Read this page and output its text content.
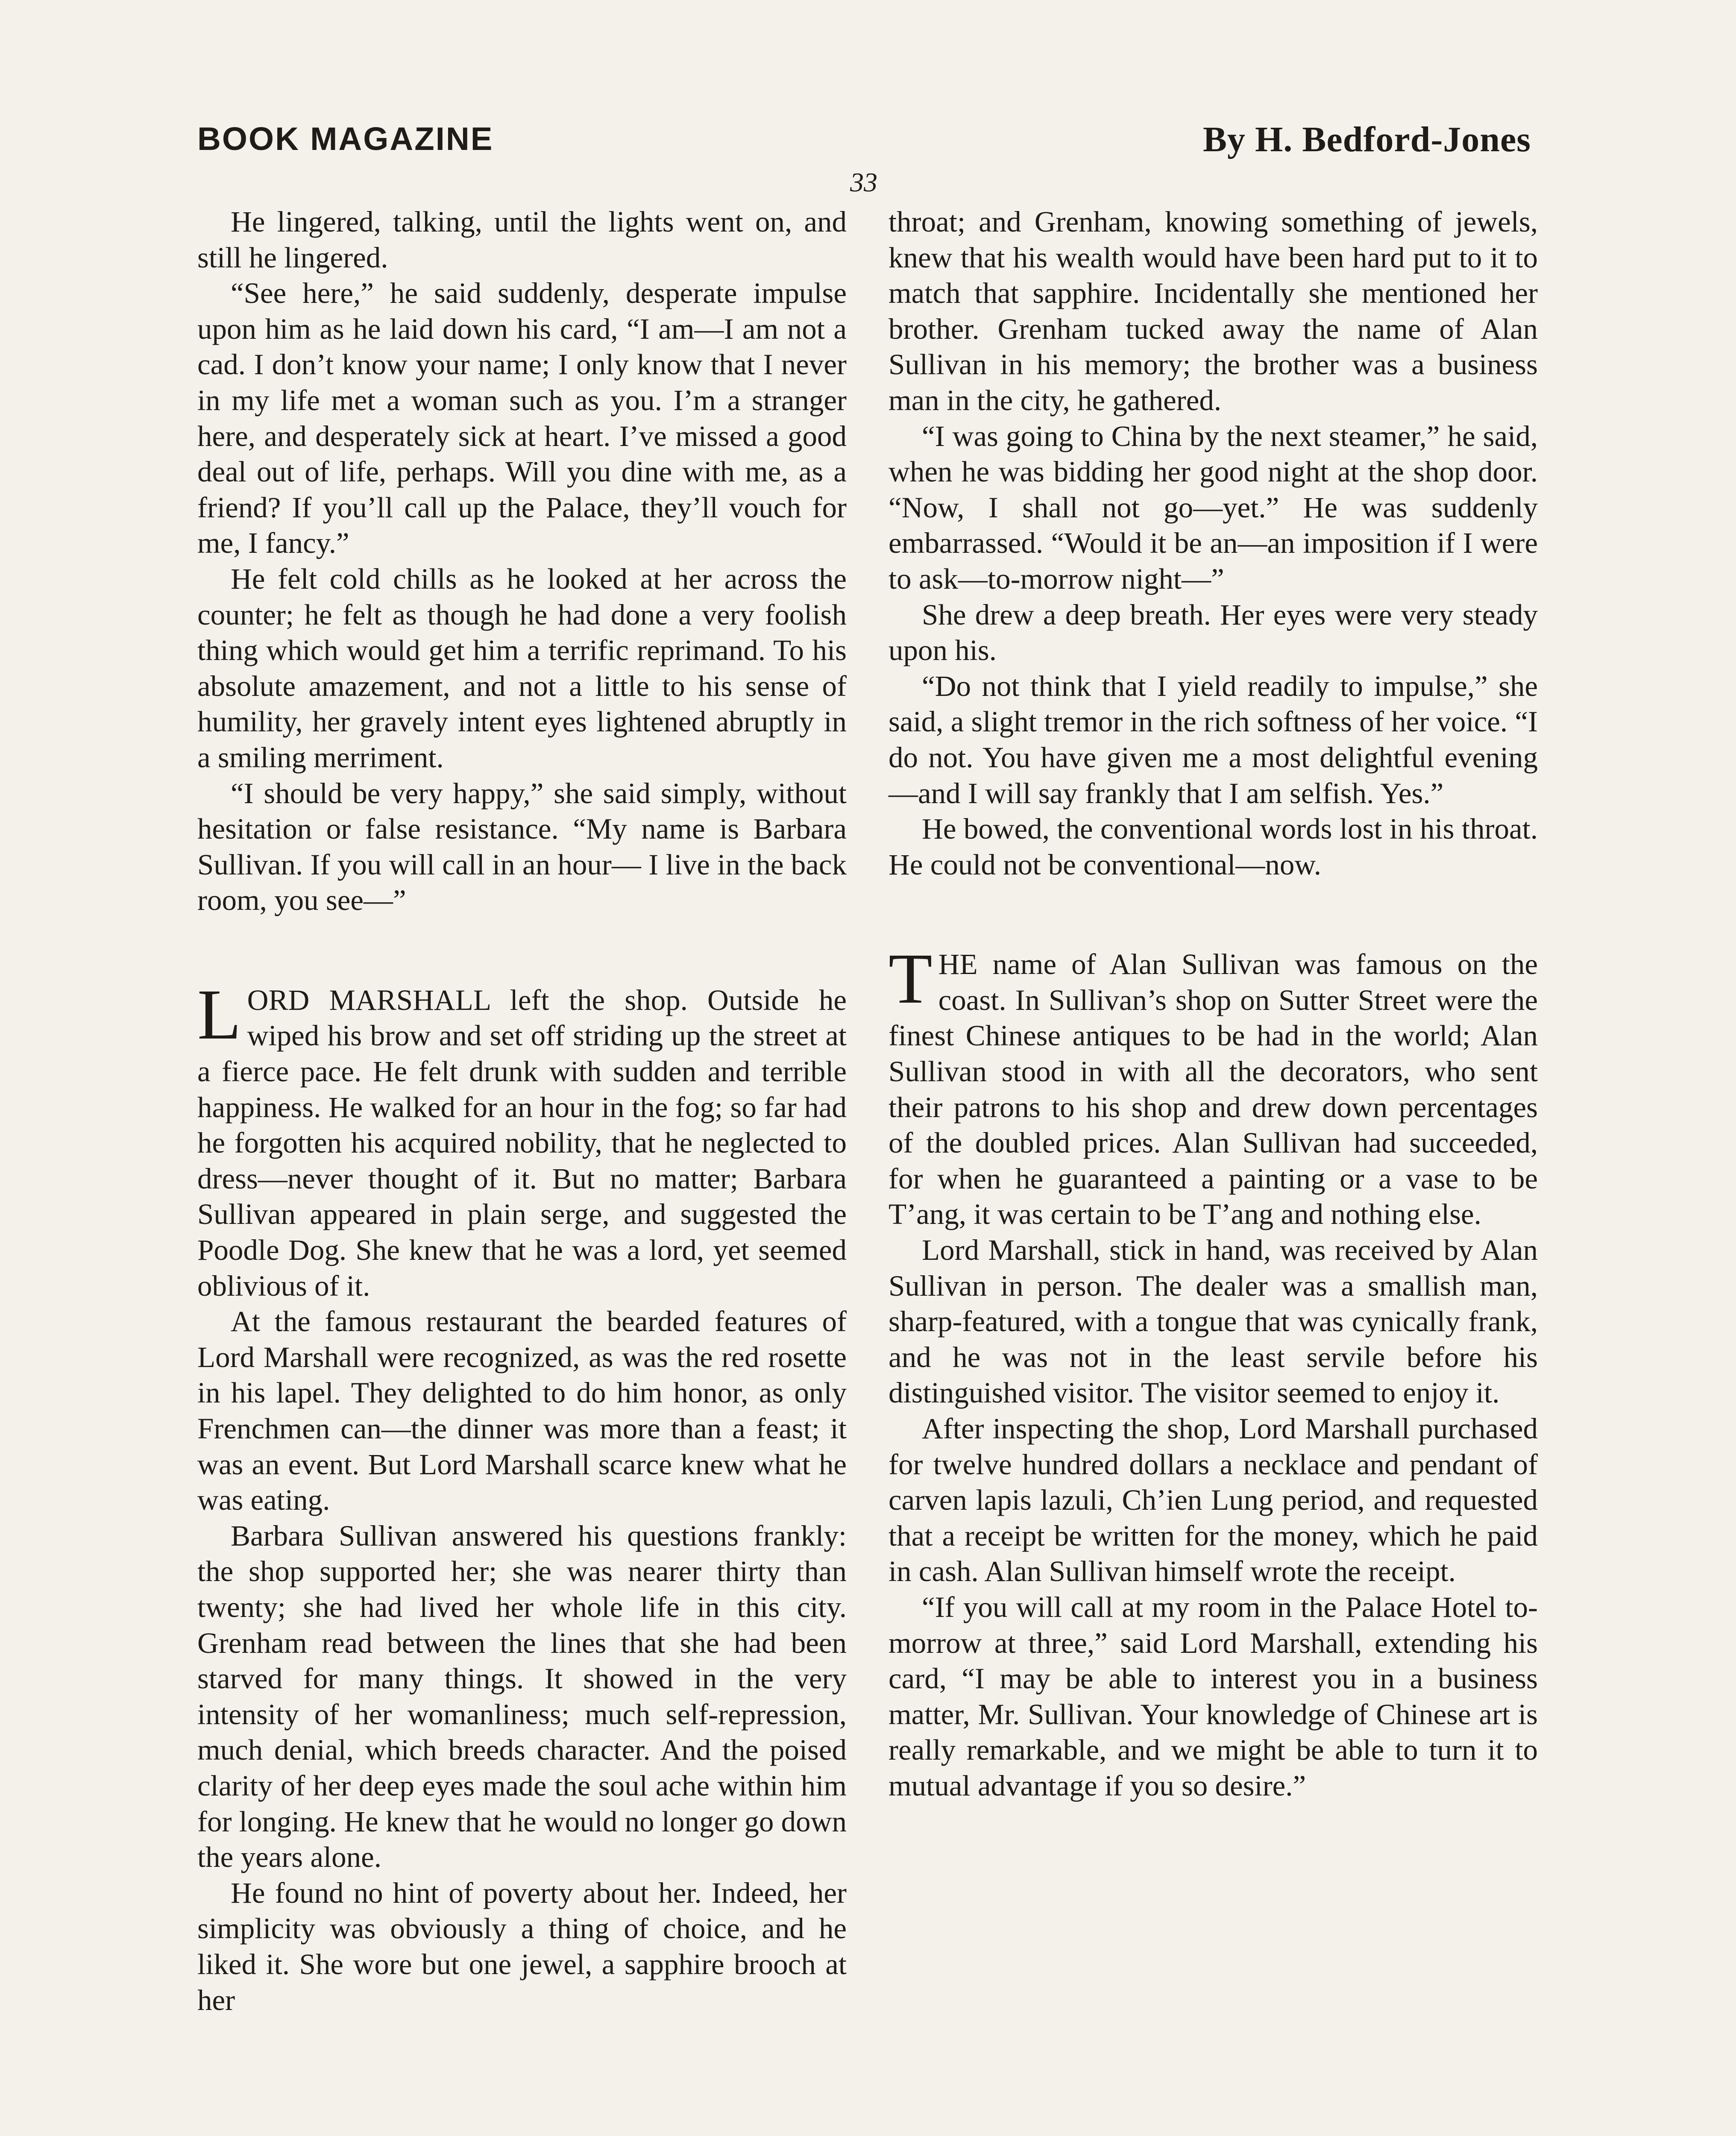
BOOK MAGAZINE	By H. Bedford-Jones
33

He lingered, talking, until the lights went on, and still he lingered.

“See here,” he said suddenly, desperate impulse upon him as he laid down his card, “I am—I am not a cad. I don’t know your name; I only know that I never in my life met a woman such as you. I’m a stranger here, and desperately sick at heart. I’ve missed a good deal out of life, perhaps. Will you dine with me, as a friend? If you’ll call up the Palace, they’ll vouch for me, I fancy.”

He felt cold chills as he looked at her across the counter; he felt as though he had done a very foolish thing which would get him a terrific reprimand. To his absolute amazement, and not a little to his sense of humility, her gravely intent eyes lightened abruptly in a smiling merriment.

“I should be very happy,” she said simply, without hesitation or false resistance. “My name is Barbara Sullivan. If you will call in an hour— I live in the back room, you see—”

LORD MARSHALL left the shop. Outside he wiped his brow and set off striding up the street at a fierce pace. He felt drunk with sudden and terrible happiness. He walked for an hour in the fog; so far had he forgotten his acquired nobility, that he neglected to dress—never thought of it. But no matter; Barbara Sullivan appeared in plain serge, and suggested the Poodle Dog. She knew that he was a lord, yet seemed oblivious of it.

At the famous restaurant the bearded features of Lord Marshall were recognized, as was the red rosette in his lapel. They delighted to do him honor, as only Frenchmen can—the dinner was more than a feast; it was an event. But Lord Marshall scarce knew what he was eating.

Barbara Sullivan answered his questions frankly: the shop supported her; she was nearer thirty than twenty; she had lived her whole life in this city. Grenham read between the lines that she had been starved for many things. It showed in the very intensity of her womanliness; much self-repression, much denial, which breeds character. And the poised clarity of her deep eyes made the soul ache within him for longing. He knew that he would no longer go down the years alone.

He found no hint of poverty about her. Indeed, her simplicity was obviously a thing of choice, and he liked it. She wore but one jewel, a sapphire brooch at her

throat; and Grenham, knowing something of jewels, knew that his wealth would have been hard put to it to match that sapphire. Incidentally she mentioned her brother. Grenham tucked away the name of Alan Sullivan in his memory; the brother was a business man in the city, he gathered.

“I was going to China by the next steamer,” he said, when he was bidding her good night at the shop door. “Now, I shall not go—yet.” He was suddenly embarrassed. “Would it be an—an imposition if I were to ask—to-morrow night—”

She drew a deep breath. Her eyes were very steady upon his.

“Do not think that I yield readily to impulse,” she said, a slight tremor in the rich softness of her voice. “I do not. You have given me a most delightful evening—and I will say frankly that I am selfish. Yes.”

He bowed, the conventional words lost in his throat. He could not be conventional—now.

THE name of Alan Sullivan was famous on the coast. In Sullivan’s shop on Sutter Street were the finest Chinese antiques to be had in the world; Alan Sullivan stood in with all the decorators, who sent their patrons to his shop and drew down percentages of the doubled prices. Alan Sullivan had succeeded, for when he guaranteed a painting or a vase to be T’ang, it was certain to be T’ang and nothing else.

Lord Marshall, stick in hand, was received by Alan Sullivan in person. The dealer was a smallish man, sharp-featured, with a tongue that was cynically frank, and he was not in the least servile before his distinguished visitor. The visitor seemed to enjoy it.

After inspecting the shop, Lord Marshall purchased for twelve hundred dollars a necklace and pendant of carven lapis lazuli, Ch’ien Lung period, and requested that a receipt be written for the money, which he paid in cash. Alan Sullivan himself wrote the receipt.

“If you will call at my room in the Palace Hotel to-morrow at three,” said Lord Marshall, extending his card, “I may be able to interest you in a business matter, Mr. Sullivan. Your knowledge of Chinese art is really remarkable, and we might be able to turn it to mutual advantage if you so desire.”
